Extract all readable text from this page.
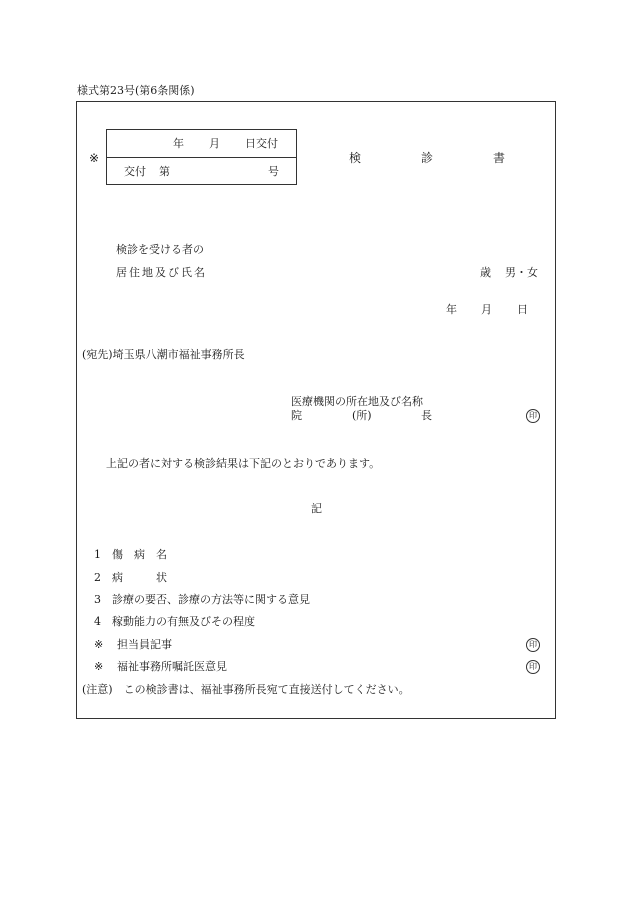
様式第23号(第6条関係)
※
年 月 日交付
交付 第	号
検	診	書
検診を受ける者の
居住地及び氏名	歳 男・女
年 月 日
(宛先)埼玉県八潮市福祉事務所長
医療機関の所在地及び名称
院	(所)	長	印
上記の者に対する検診結果は下記のとおりであります。
記
1 傷　病　名
2 病　　　状
3 診療の要否、診療の方法等に関する意見
4 稼動能力の有無及びその程度
※ 担当員記事	印
※ 福祉事務所嘱託医意見	印
(注意)　この検診書は、福祉事務所長宛て直接送付してください。
